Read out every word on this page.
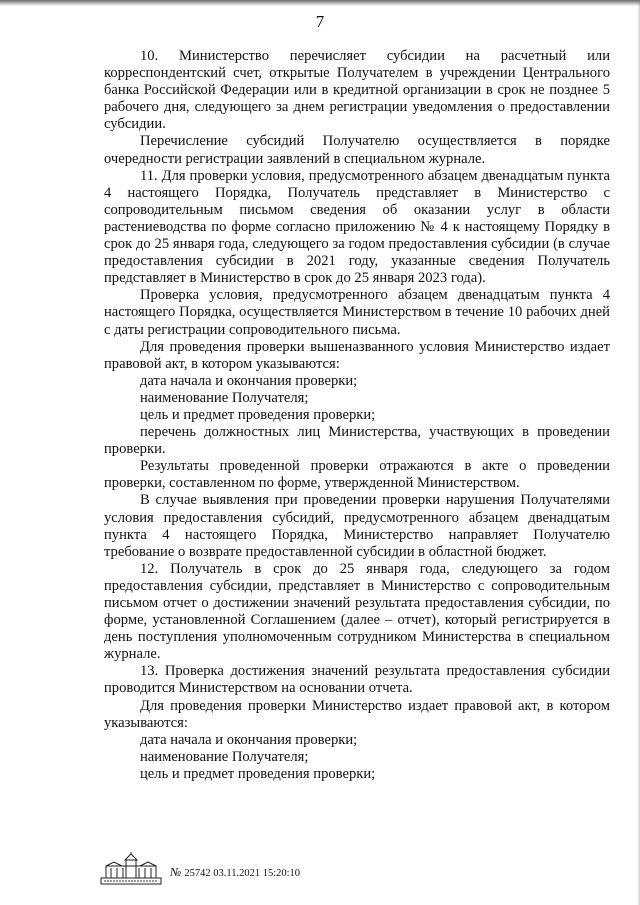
7

10. Министерство перечисляет субсидии на расчетный или корреспондентский счет, открытые Получателем в учреждении Центрального банка Российской Федерации или в кредитной организации в срок не позднее 5 рабочего дня, следующего за днем регистрации уведомления о предоставлении субсидии.

Перечисление субсидий Получателю осуществляется в порядке очередности регистрации заявлений в специальном журнале.

11. Для проверки условия, предусмотренного абзацем двенадцатым пункта 4 настоящего Порядка, Получатель представляет в Министерство с сопроводительным письмом сведения об оказании услуг в области растениеводства по форме согласно приложению № 4 к настоящему Порядку в срок до 25 января года, следующего за годом предоставления субсидии (в случае предоставления субсидии в 2021 году, указанные сведения Получатель представляет в Министерство в срок до 25 января 2023 года).

Проверка условия, предусмотренного абзацем двенадцатым пункта 4 настоящего Порядка, осуществляется Министерством в течение 10 рабочих дней с даты регистрации сопроводительного письма.

Для проведения проверки вышеназванного условия Министерство издает правовой акт, в котором указываются:

дата начала и окончания проверки;

наименование Получателя;

цель и предмет проведения проверки;

перечень должностных лиц Министерства, участвующих в проведении проверки.

Результаты проведенной проверки отражаются в акте о проведении проверки, составленном по форме, утвержденной Министерством.

В случае выявления при проведении проверки нарушения Получателями условия предоставления субсидий, предусмотренного абзацем двенадцатым пункта 4 настоящего Порядка, Министерство направляет Получателю требование о возврате предоставленной субсидии в областной бюджет.

12. Получатель в срок до 25 января года, следующего за годом предоставления субсидии, представляет в Министерство с сопроводительным письмом отчет о достижении значений результата предоставления субсидии, по форме, установленной Соглашением (далее – отчет), который регистрируется в день поступления уполномоченным сотрудником Министерства в специальном журнале.

13. Проверка достижения значений результата предоставления субсидии проводится Министерством на основании отчета.

Для проведения проверки Министерство издает правовой акт, в котором указываются:

дата начала и окончания проверки;

наименование Получателя;

цель и предмет проведения проверки;

№ 25742 03.11.2021 15:20:10
